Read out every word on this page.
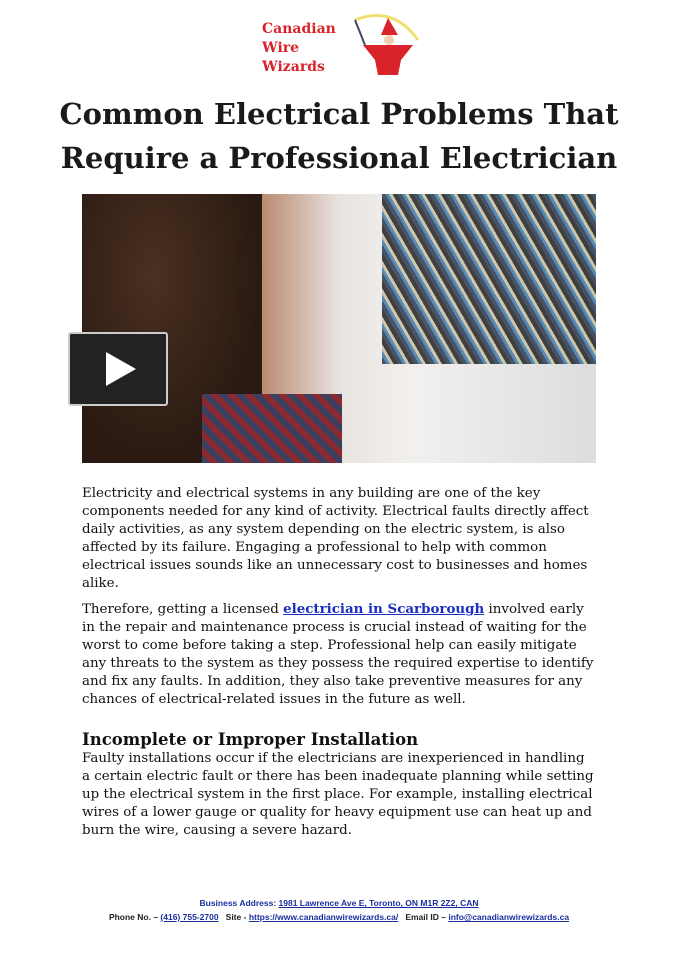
Canadian
Wire
Wizards
Common Electrical Problems That
Require a Professional Electrician
Electricity and electrical systems in any building are one of the key components needed for any kind of activity. Electrical faults directly affect daily activities, as any system depending on the electric system, is also affected by its failure. Engaging a professional to help with common electrical issues sounds like an unnecessary cost to businesses and homes alike.
Therefore, getting a licensed electrician in Scarborough involved early in the repair and maintenance process is crucial instead of waiting for the worst to come before taking a step. Professional help can easily mitigate any threats to the system as they possess the required expertise to identify and fix any faults. In addition, they also take preventive measures for any chances of electrical-related issues in the future as well.
Incomplete or Improper Installation
Faulty installations occur if the electricians are inexperienced in handling a certain electric fault or there has been inadequate planning while setting up the electrical system in the first place. For example, installing electrical wires of a lower gauge or quality for heavy equipment use can heat up and burn the wire, causing a severe hazard.
Business Address: 1981 Lawrence Ave E, Toronto, ON M1R 2Z2, CAN
Phone No. – (416) 755-2700 Site - https://www.canadianwirewizards.ca/ Email ID – info@canadianwirewizards.ca
